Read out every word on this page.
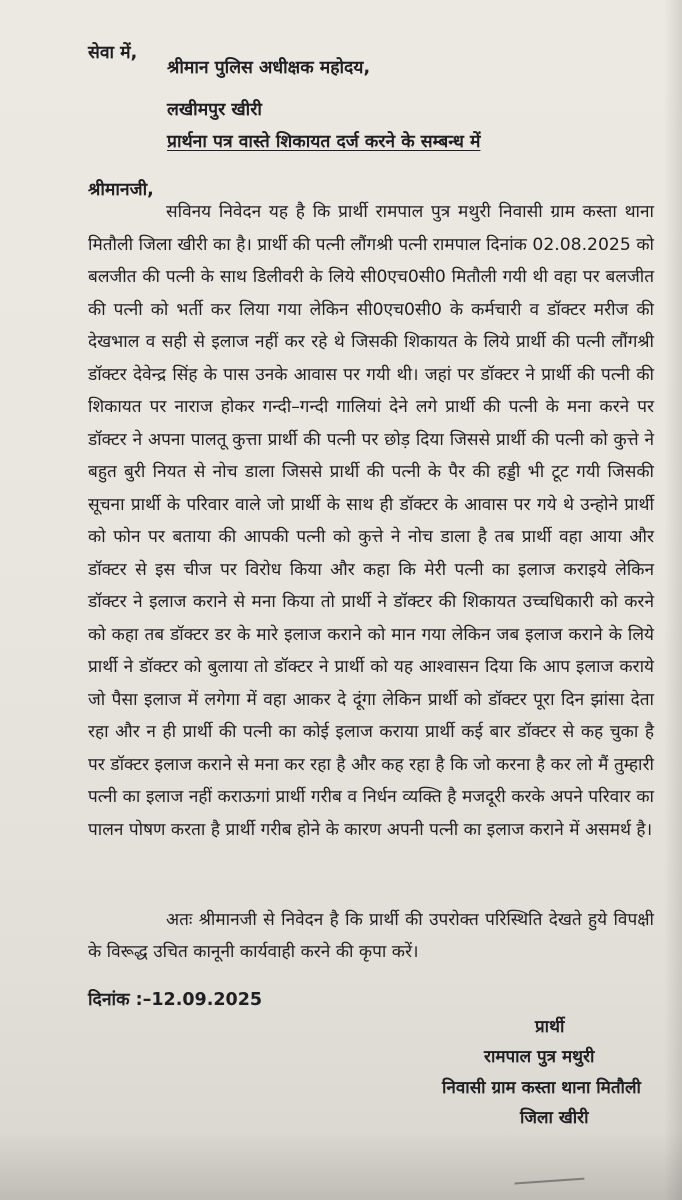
सेवा में,
श्रीमान पुलिस अधीक्षक महोदय,
लखीमपुर खीरी
प्रार्थना पत्र वास्ते शिकायत दर्ज करने के सम्बन्ध में
श्रीमानजी,

सविनय निवेदन यह है कि प्रार्थी रामपाल पुत्र मथुरी निवासी ग्राम कस्ता थाना मितौली जिला खीरी का है। प्रार्थी की पत्नी लौंगश्री पत्नी रामपाल दिनांक 02.08.2025 को बलजीत की पत्नी के साथ डिलीवरी के लिये सी0एच0सी0 मितौली गयी थी वहा पर बलजीत की पत्नी को भर्ती कर लिया गया लेकिन सी0एच0सी0 के कर्मचारी व डॉक्टर मरीज की देखभाल व सही से इलाज नहीं कर रहे थे जिसकी शिकायत के लिये प्रार्थी की पत्नी लौंगश्री डॉक्टर देवेन्द्र सिंह के पास उनके आवास पर गयी थी। जहां पर डॉक्टर ने प्रार्थी की पत्नी की शिकायत पर नाराज होकर गन्दी–गन्दी गालियां देने लगे प्रार्थी की पत्नी के मना करने पर डॉक्टर ने अपना पालतू कुत्ता प्रार्थी की पत्नी पर छोड़ दिया जिससे प्रार्थी की पत्नी को कुत्ते ने बहुत बुरी नियत से नोच डाला जिससे प्रार्थी की पत्नी के पैर की हड्डी भी टूट गयी जिसकी सूचना प्रार्थी के परिवार वाले जो प्रार्थी के साथ ही डॉक्टर के आवास पर गये थे उन्होने प्रार्थी को फोन पर बताया की आपकी पत्नी को कुत्ते ने नोच डाला है तब प्रार्थी वहा आया और डॉक्टर से इस चीज पर विरोध किया और कहा कि मेरी पत्नी का इलाज कराइये लेकिन डॉक्टर ने इलाज कराने से मना किया तो प्रार्थी ने डॉक्टर की शिकायत उच्चधिकारी को करने को कहा तब डॉक्टर डर के मारे इलाज कराने को मान गया लेकिन जब इलाज कराने के लिये प्रार्थी ने डॉक्टर को बुलाया तो डॉक्टर ने प्रार्थी को यह आश्वासन दिया कि आप इलाज कराये जो पैसा इलाज में लगेगा में वहा आकर दे दूंगा लेकिन प्रार्थी को डॉक्टर पूरा दिन झांसा देता रहा और न ही प्रार्थी की पत्नी का कोई इलाज कराया प्रार्थी कई बार डॉक्टर से कह चुका है पर डॉक्टर इलाज कराने से मना कर रहा है और कह रहा है कि जो करना है कर लो मैं तुम्हारी पत्नी का इलाज नहीं कराऊगां प्रार्थी गरीब व निर्धन व्यक्ति है मजदूरी करके अपने परिवार का पालन पोषण करता है प्रार्थी गरीब होने के कारण अपनी पत्नी का इलाज कराने में असमर्थ है।

अतः श्रीमानजी से निवेदन है कि प्रार्थी की उपरोक्त परिस्थिति देखते हुये विपक्षी के विरूद्ध उचित कानूनी कार्यवाही करने की कृपा करें।

दिनांक :–12.09.2025
प्रार्थी
रामपाल पुत्र मथुरी
निवासी ग्राम कस्ता थाना मितौली
जिला खीरी
